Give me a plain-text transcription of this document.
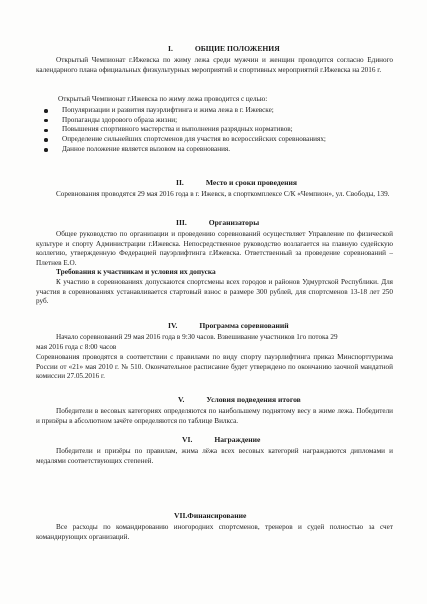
I.	ОБЩИЕ ПОЛОЖЕНИЯ

Открытый Чемпионат г.Ижевска по жиму лежа среди мужчин и женщин проводится согласно Единого календарного плана официальных физкультурных мероприятий и спортивных мероприятий г.Ижевска на 2016 г.

Открытый Чемпионат г.Ижевска по жиму лежа проводится с целью:
Популяризации и развития пауэрлифтинга и жима лежа в г. Ижевске;
Пропаганды здорового образа жизни;
Повышения спортивного мастерства и выполнения разрядных нормативов;
Определение сильнейших спортсменов для участия во всероссийских соревнованиях;
Данное положение является вызовом на соревнования.
II.	Место и сроки проведения

Соревнования проводятся 29 мая 2016 года в г. Ижевск, в спорткомплексе С/К «Чемпион», ул. Свободы, 139.

III.	Организаторы

Общее руководство по организации и проведению соревнований осуществляет Управление по физической культуре и спорту Администрации г.Ижевска. Непосредственное руководство возлагается на главную судейскую коллегию, утвержденную Федерацией пауэрлифтинга г.Ижевска. Ответственный за проведение соревнований – Плетнев Е.О.

Требования к участникам и условия их допуска

К участию в соревнованиях допускаются спортсмены всех городов и районов Удмуртской Республики. Для участия в соревнованиях устанавливается стартовый взнос в размере 300 рублей, для спортсменов 13-18 лет 250 руб.

IV.	Программа соревнований
Начало соревнований 29 мая 2016 года в 9:30 часов. Взвешивание участников 1го потока 29
мая 2016 года с 8:00 часов

Соревнования проводятся в соответствии с правилами по виду спорту пауэрлифтинга приказ Минспорттуризма России от «21» мая 2010 г. № 510. Окончательное расписание будет утверждено по окончанию заочной мандатной комиссии 27.05.2016 г.

V.	Условия подведения итогов

Победители в весовых категориях определяются по наибольшему поднятому весу в жиме лежа. Победители и призёры в абсолютном зачёте определяются по таблице Вилкса.

VI.	Награждение

Победители и призёры по правилам, жима лёжа всех весовых категорий награждаются дипломами и медалями соответствующих степеней.

VII.Финансирование

Все расходы по командированию иногородних спортсменов, тренеров и судей полностью за счет командирующих организаций.
